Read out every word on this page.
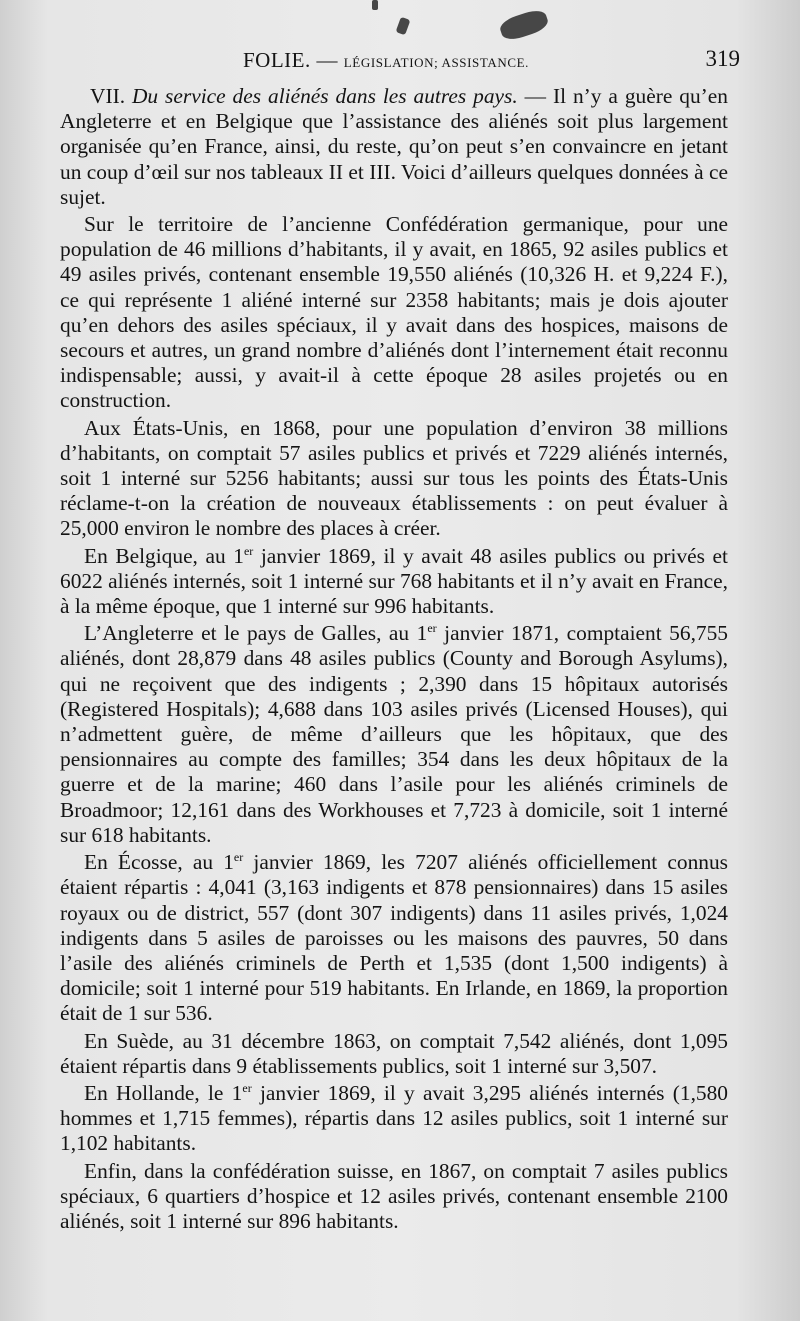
FOLIE. — LÉGISLATION; ASSISTANCE.	319

VII. Du service des aliénés dans les autres pays. — Il n’y a guère qu’en Angleterre et en Belgique que l’assistance des aliénés soit plus largement organisée qu’en France, ainsi, du reste, qu’on peut s’en convaincre en jetant un coup d’œil sur nos tableaux II et III. Voici d’ailleurs quelques données à ce sujet.

Sur le territoire de l’ancienne Confédération germanique, pour une population de 46 millions d’habitants, il y avait, en 1865, 92 asiles publics et 49 asiles privés, contenant ensemble 19,550 aliénés (10,326 H. et 9,224 F.), ce qui représente 1 aliéné interné sur 2358 habitants; mais je dois ajouter qu’en dehors des asiles spéciaux, il y avait dans des hospices, maisons de secours et autres, un grand nombre d’aliénés dont l’internement était reconnu indispensable; aussi, y avait-il à cette époque 28 asiles projetés ou en construction.

Aux États-Unis, en 1868, pour une population d’environ 38 millions d’habitants, on comptait 57 asiles publics et privés et 7229 aliénés internés, soit 1 interné sur 5256 habitants; aussi sur tous les points des États-Unis réclame-t-on la création de nouveaux établissements : on peut évaluer à 25,000 environ le nombre des places à créer.

En Belgique, au 1er janvier 1869, il y avait 48 asiles publics ou privés et 6022 aliénés internés, soit 1 interné sur 768 habitants et il n’y avait en France, à la même époque, que 1 interné sur 996 habitants.

L’Angleterre et le pays de Galles, au 1er janvier 1871, comptaient 56,755 aliénés, dont 28,879 dans 48 asiles publics (County and Borough Asylums), qui ne reçoivent que des indigents ; 2,390 dans 15 hôpitaux autorisés (Registered Hospitals); 4,688 dans 103 asiles privés (Licensed Houses), qui n’admettent guère, de même d’ailleurs que les hôpitaux, que des pensionnaires au compte des familles; 354 dans les deux hôpitaux de la guerre et de la marine; 460 dans l’asile pour les aliénés criminels de Broadmoor; 12,161 dans des Workhouses et 7,723 à domicile, soit 1 interné sur 618 habitants.

En Écosse, au 1er janvier 1869, les 7207 aliénés officiellement connus étaient répartis : 4,041 (3,163 indigents et 878 pensionnaires) dans 15 asiles royaux ou de district, 557 (dont 307 indigents) dans 11 asiles privés, 1,024 indigents dans 5 asiles de paroisses ou les maisons des pauvres, 50 dans l’asile des aliénés criminels de Perth et 1,535 (dont 1,500 indigents) à domicile; soit 1 interné pour 519 habitants. En Irlande, en 1869, la proportion était de 1 sur 536.

En Suède, au 31 décembre 1863, on comptait 7,542 aliénés, dont 1,095 étaient répartis dans 9 établissements publics, soit 1 interné sur 3,507.

En Hollande, le 1er janvier 1869, il y avait 3,295 aliénés internés (1,580 hommes et 1,715 femmes), répartis dans 12 asiles publics, soit 1 interné sur 1,102 habitants.

Enfin, dans la confédération suisse, en 1867, on comptait 7 asiles publics spéciaux, 6 quartiers d’hospice et 12 asiles privés, contenant ensemble 2100 aliénés, soit 1 interné sur 896 habitants.
